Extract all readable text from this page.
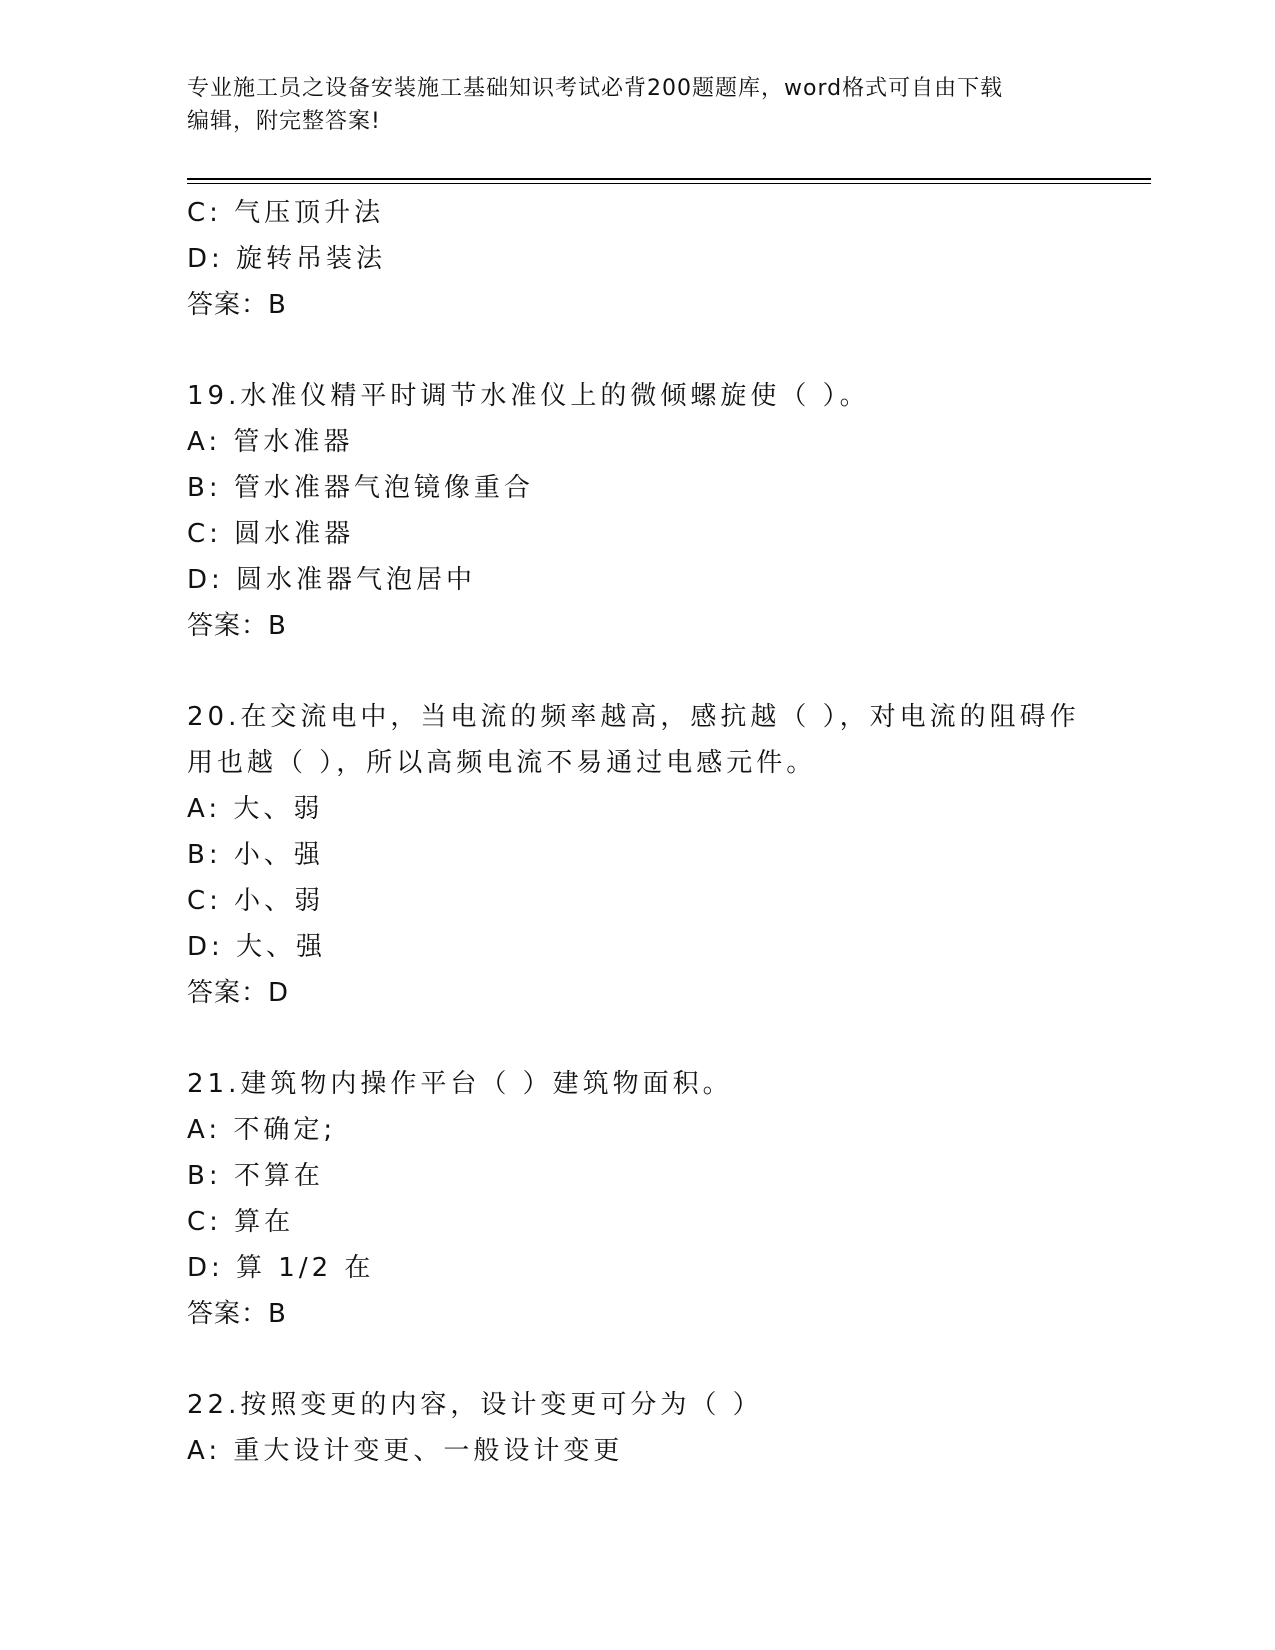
专业施工员之设备安装施工基础知识考试必背200题题库，word格式可自由下载
编辑，附完整答案!
C: 气压顶升法
D: 旋转吊装法
答案：B
19.水准仪精平时调节水准仪上的微倾螺旋使（ ）。
A: 管水准器
B: 管水准器气泡镜像重合
C: 圆水准器
D: 圆水准器气泡居中
答案：B
20.在交流电中，当电流的频率越高，感抗越（ ），对电流的阻碍作
用也越（ ），所以高频电流不易通过电感元件。
A: 大、弱
B: 小、强
C: 小、弱
D: 大、强
答案：D
21.建筑物内操作平台（ ）建筑物面积。
A: 不确定;
B: 不算在
C: 算在
D: 算 1/2 在
答案：B
22.按照变更的内容，设计变更可分为（ ）
A: 重大设计变更、一般设计变更
